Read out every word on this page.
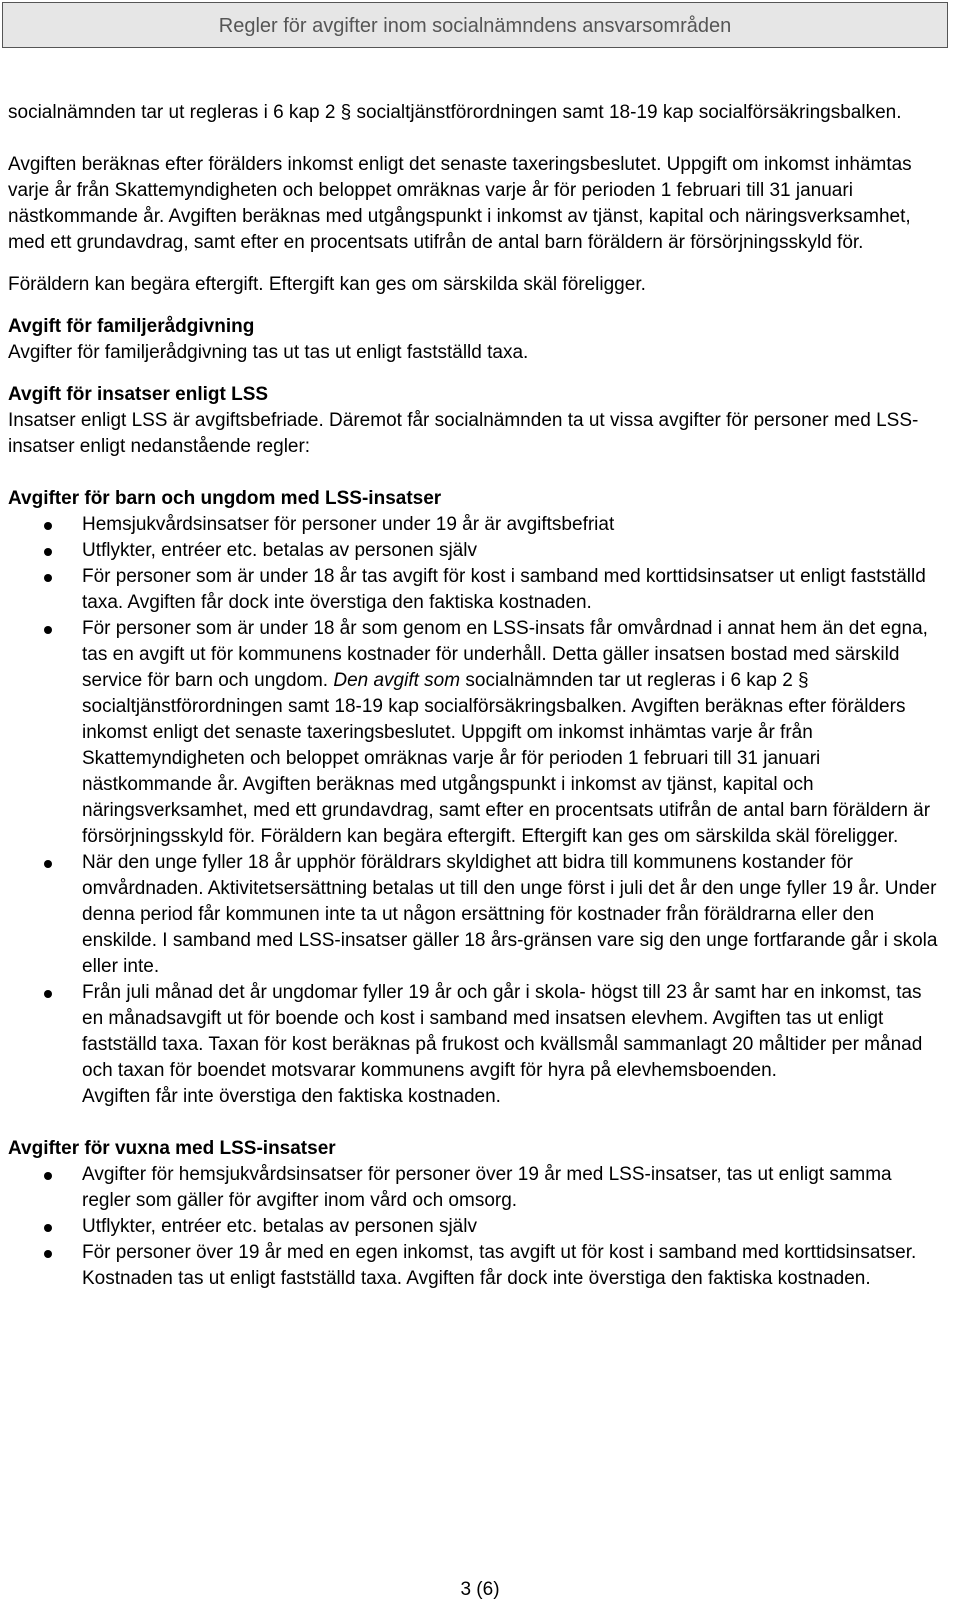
Regler för avgifter inom socialnämndens ansvarsområden

socialnämnden tar ut regleras i 6 kap 2 § socialtjänstförordningen samt 18-19 kap socialförsäkringsbalken.

Avgiften beräknas efter förälders inkomst enligt det senaste taxeringsbeslutet. Uppgift om inkomst inhämtas varje år från Skattemyndigheten och beloppet omräknas varje år för perioden 1 februari till 31 januari nästkommande år. Avgiften beräknas med utgångspunkt i inkomst av tjänst, kapital och näringsverksamhet, med ett grundavdrag, samt efter en procentsats utifrån de antal barn föräldern är försörjningsskyld för.

Föräldern kan begära eftergift. Eftergift kan ges om särskilda skäl föreligger.

Avgift för familjerådgivning

Avgifter för familjerådgivning tas ut tas ut enligt fastställd taxa.

Avgift för insatser enligt LSS

Insatser enligt LSS är avgiftsbefriade. Däremot får socialnämnden ta ut vissa avgifter för personer med LSS-insatser enligt nedanstående regler:

Avgifter för barn och ungdom med LSS-insatser

Hemsjukvårdsinsatser för personer under 19 år är avgiftsbefriat
Utflykter, entréer etc. betalas av personen själv
För personer som är under 18 år tas avgift för kost i samband med korttidsinsatser ut enligt fastställd taxa. Avgiften får dock inte överstiga den faktiska kostnaden.
För personer som är under 18 år som genom en LSS-insats får omvårdnad i annat hem än det egna, tas en avgift ut för kommunens kostnader för underhåll. Detta gäller insatsen bostad med särskild service för barn och ungdom. Den avgift som socialnämnden tar ut regleras i 6 kap 2 § socialtjänstförordningen samt 18-19 kap socialförsäkringsbalken. Avgiften beräknas efter förälders inkomst enligt det senaste taxeringsbeslutet. Uppgift om inkomst inhämtas varje år från Skattemyndigheten och beloppet omräknas varje år för perioden 1 februari till 31 januari nästkommande år. Avgiften beräknas med utgångspunkt i inkomst av tjänst, kapital och näringsverksamhet, med ett grundavdrag, samt efter en procentsats utifrån de antal barn föräldern är försörjningsskyld för. Föräldern kan begära eftergift. Eftergift kan ges om särskilda skäl föreligger.
När den unge fyller 18 år upphör föräldrars skyldighet att bidra till kommunens kostander för omvårdnaden. Aktivitetsersättning betalas ut till den unge först i juli det år den unge fyller 19 år. Under denna period får kommunen inte ta ut någon ersättning för kostnader från föräldrarna eller den enskilde. I samband med LSS-insatser gäller 18 års-gränsen vare sig den unge fortfarande går i skola eller inte.
Från juli månad det år ungdomar fyller 19 år och går i skola- högst till 23 år samt har en inkomst, tas en månadsavgift ut för boende och kost i samband med insatsen elevhem. Avgiften tas ut enligt fastställd taxa. Taxan för kost beräknas på frukost och kvällsmål sammanlagt 20 måltider per månad och taxan för boendet motsvarar kommunens avgift för hyra på elevhemsboenden.
Avgiften får inte överstiga den faktiska kostnaden.

Avgifter för vuxna med LSS-insatser

Avgifter för hemsjukvårdsinsatser för personer över 19 år med LSS-insatser, tas ut enligt samma regler som gäller för avgifter inom vård och omsorg.
Utflykter, entréer etc. betalas av personen själv
För personer över 19 år med en egen inkomst, tas avgift ut för kost i samband med korttidsinsatser. Kostnaden tas ut enligt fastställd taxa. Avgiften får dock inte överstiga den faktiska kostnaden.
3 (6)
